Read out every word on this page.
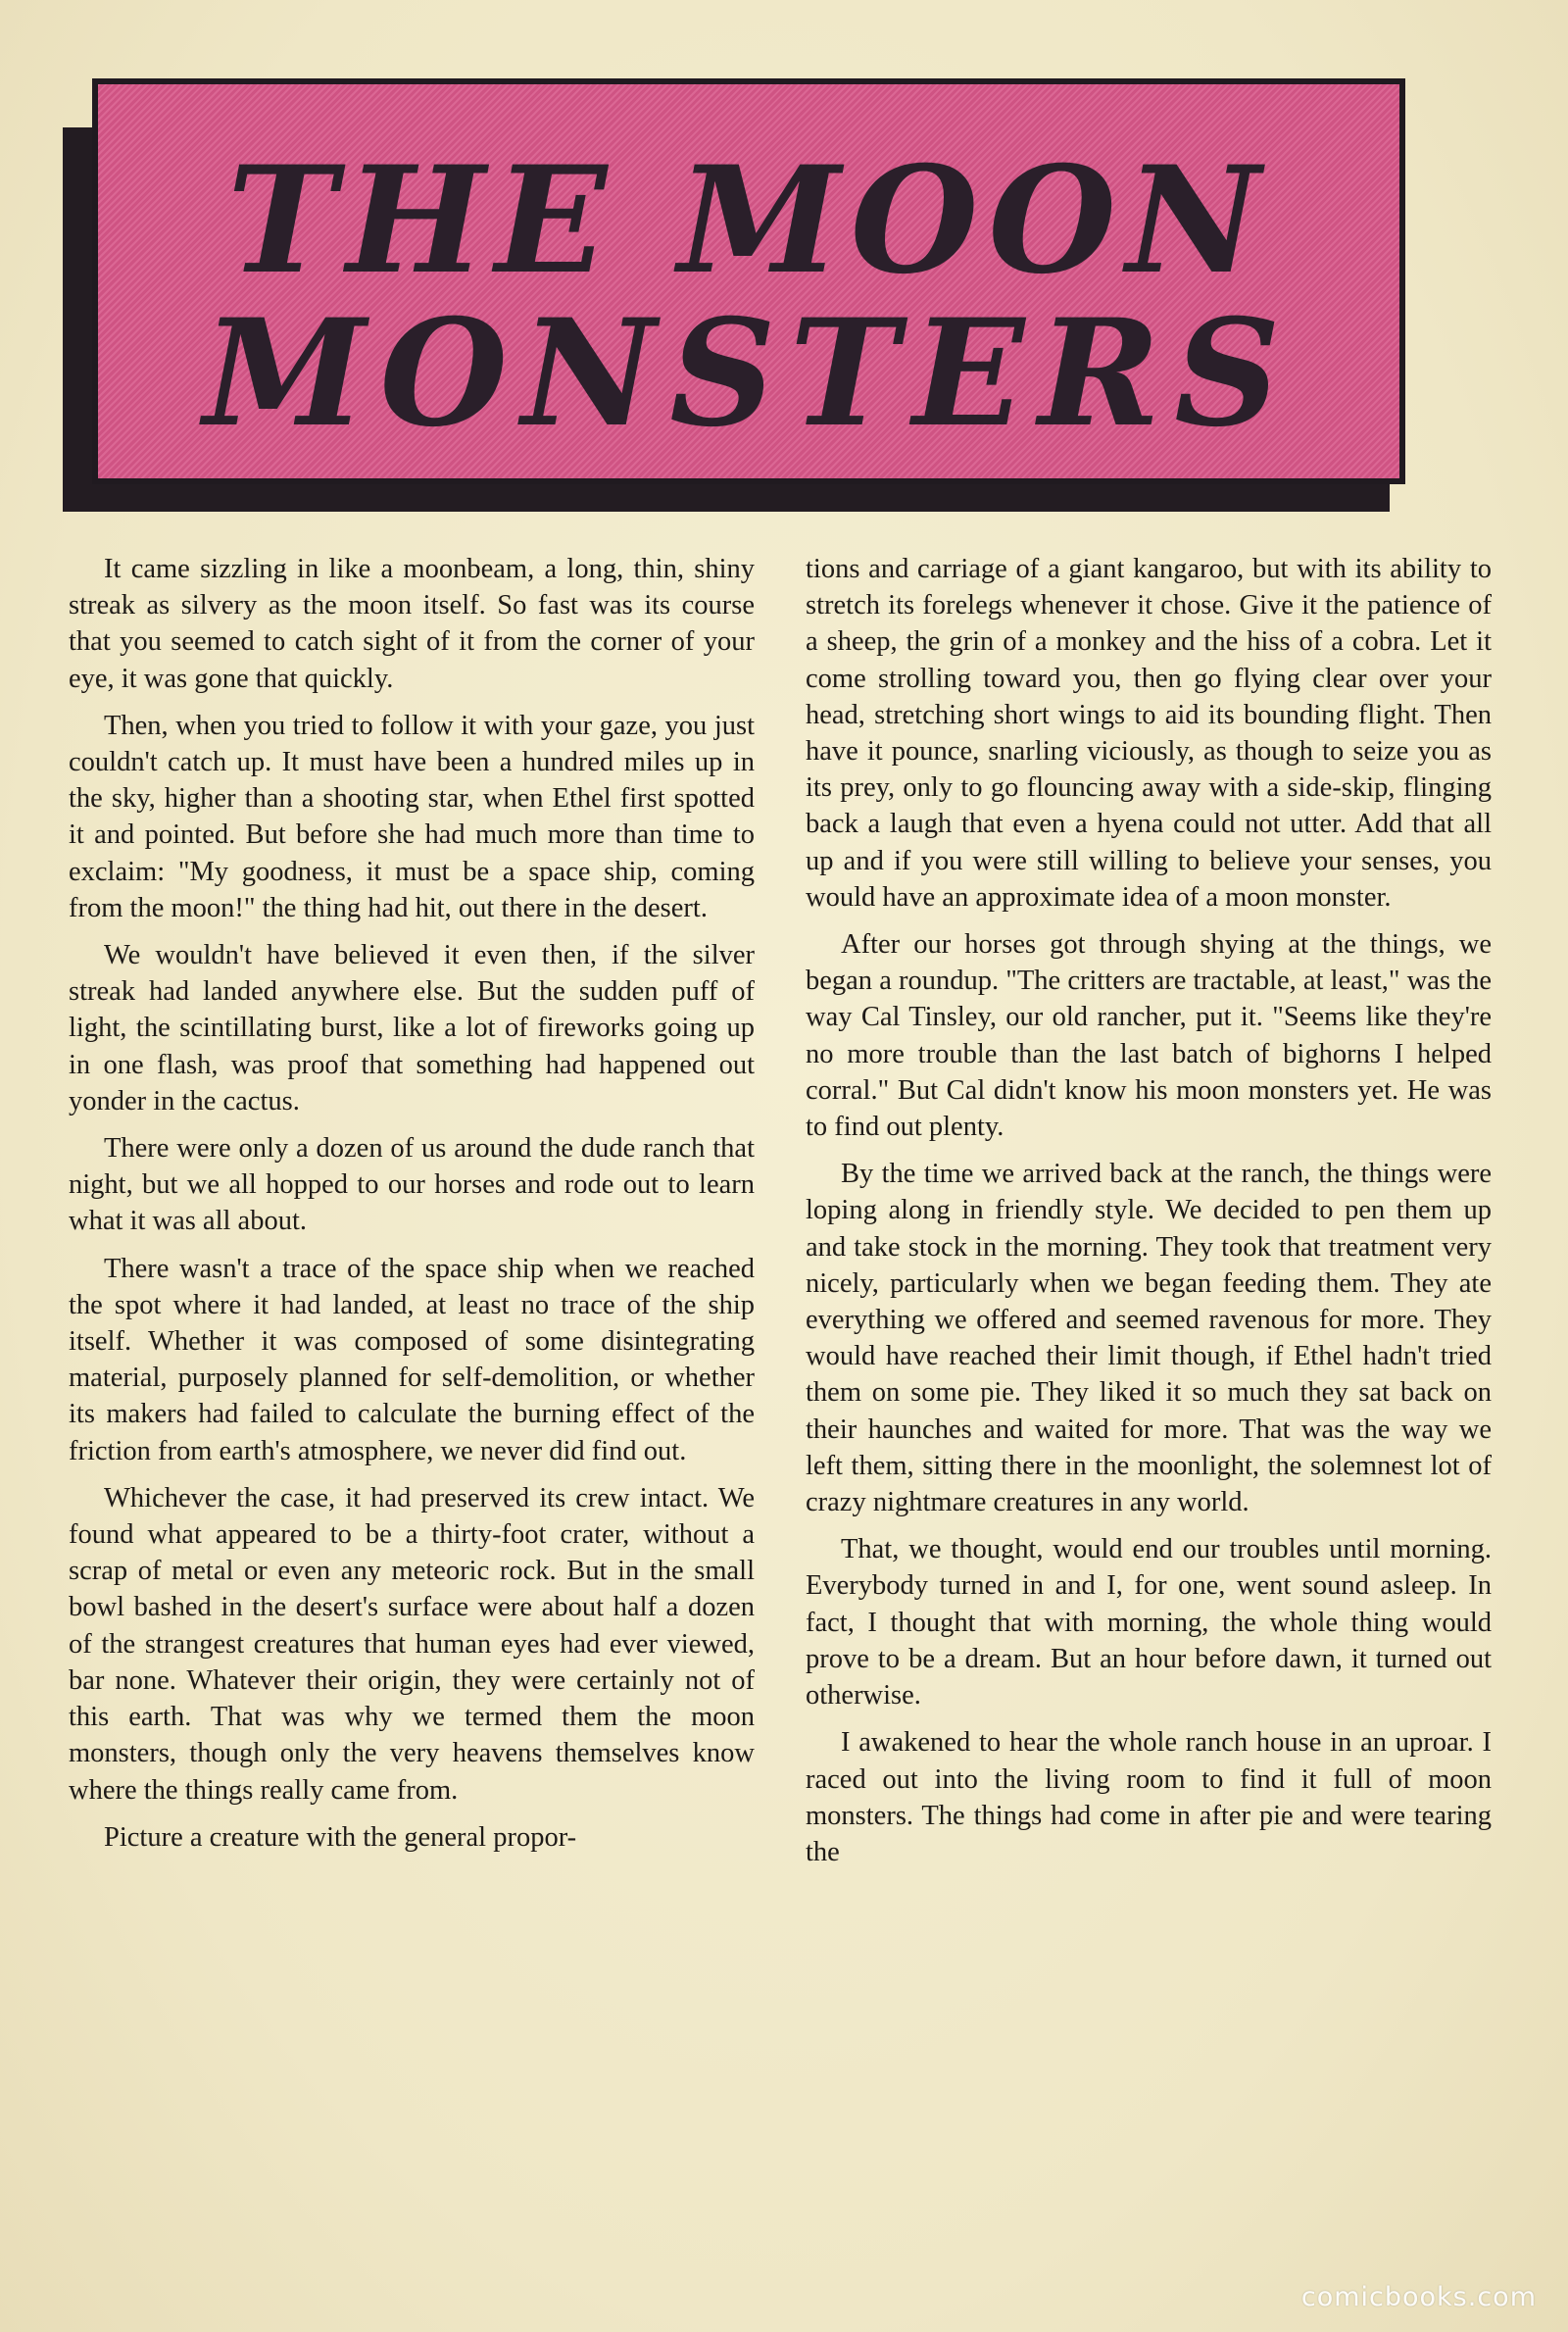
THE MOON
MONSTERS

It came sizzling in like a moonbeam, a long, thin, shiny streak as silvery as the moon itself. So fast was its course that you seemed to catch sight of it from the corner of your eye, it was gone that quickly.

Then, when you tried to follow it with your gaze, you just couldn't catch up. It must have been a hundred miles up in the sky, higher than a shooting star, when Ethel first spotted it and pointed. But before she had much more than time to exclaim: "My goodness, it must be a space ship, coming from the moon!" the thing had hit, out there in the desert.

We wouldn't have believed it even then, if the silver streak had landed anywhere else. But the sudden puff of light, the scintillating burst, like a lot of fireworks going up in one flash, was proof that something had happened out yonder in the cactus.

There were only a dozen of us around the dude ranch that night, but we all hopped to our horses and rode out to learn what it was all about.

There wasn't a trace of the space ship when we reached the spot where it had landed, at least no trace of the ship itself. Whether it was composed of some disintegrating material, purposely planned for self-demolition, or whether its makers had failed to calculate the burning effect of the friction from earth's atmosphere, we never did find out.

Whichever the case, it had preserved its crew intact. We found what appeared to be a thirty-foot crater, without a scrap of metal or even any meteoric rock. But in the small bowl bashed in the desert's surface were about half a dozen of the strangest creatures that human eyes had ever viewed, bar none. Whatever their origin, they were certainly not of this earth. That was why we termed them the moon monsters, though only the very heavens themselves know where the things really came from.

Picture a creature with the general propor-

tions and carriage of a giant kangaroo, but with its ability to stretch its forelegs whenever it chose. Give it the patience of a sheep, the grin of a monkey and the hiss of a cobra. Let it come strolling toward you, then go flying clear over your head, stretching short wings to aid its bounding flight. Then have it pounce, snarling viciously, as though to seize you as its prey, only to go flouncing away with a side-skip, flinging back a laugh that even a hyena could not utter. Add that all up and if you were still willing to believe your senses, you would have an approximate idea of a moon monster.

After our horses got through shying at the things, we began a roundup. "The critters are tractable, at least," was the way Cal Tinsley, our old rancher, put it. "Seems like they're no more trouble than the last batch of bighorns I helped corral." But Cal didn't know his moon monsters yet. He was to find out plenty.

By the time we arrived back at the ranch, the things were loping along in friendly style. We decided to pen them up and take stock in the morning. They took that treatment very nicely, particularly when we began feeding them. They ate everything we offered and seemed ravenous for more. They would have reached their limit though, if Ethel hadn't tried them on some pie. They liked it so much they sat back on their haunches and waited for more. That was the way we left them, sitting there in the moonlight, the solemnest lot of crazy nightmare creatures in any world.

That, we thought, would end our troubles until morning. Everybody turned in and I, for one, went sound asleep. In fact, I thought that with morning, the whole thing would prove to be a dream. But an hour before dawn, it turned out otherwise.

I awakened to hear the whole ranch house in an uproar. I raced out into the living room to find it full of moon monsters. The things had come in after pie and were tearing the

comicbooks.com
